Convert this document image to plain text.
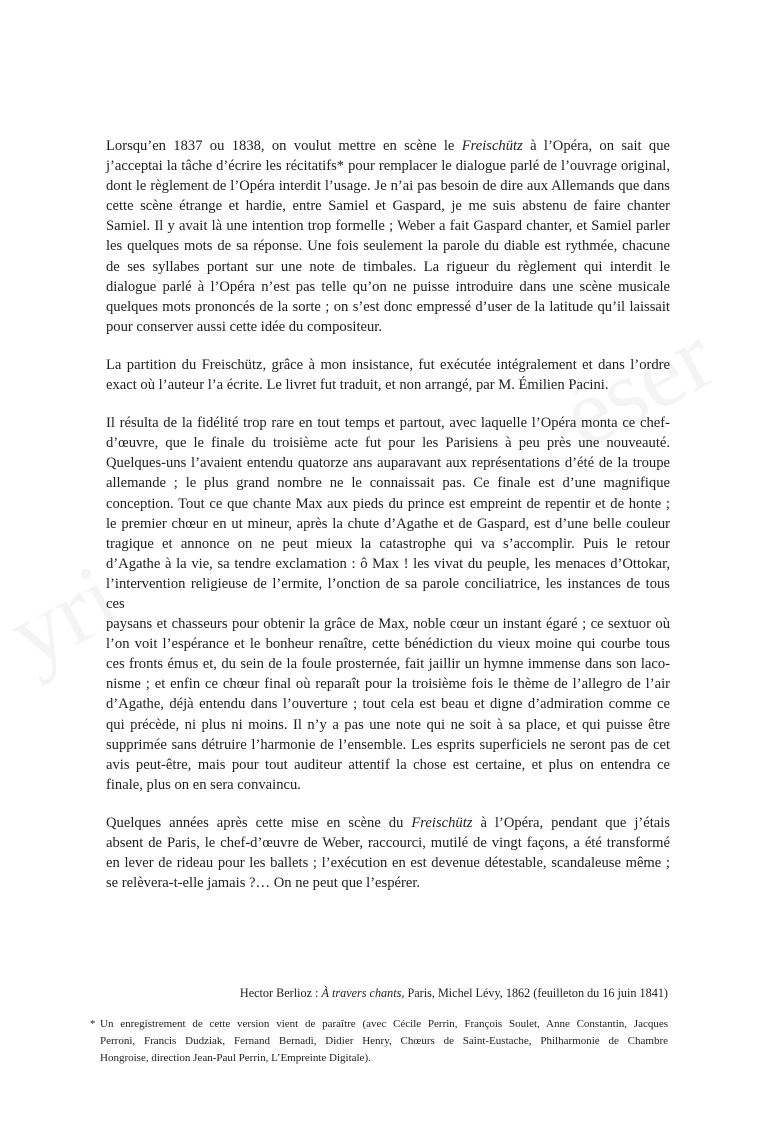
Lorsqu’en 1837 ou 1838, on voulut mettre en scène le Freischütz à l’Opéra, on sait que
j’acceptai la tâche d’écrire les récitatifs* pour remplacer le dialogue parlé de l’ouvrage original,
dont le règlement de l’Opéra interdit l’usage. Je n’ai pas besoin de dire aux Allemands que dans
cette scène étrange et hardie, entre Samiel et Gaspard, je me suis abstenu de faire chanter
Samiel. Il y avait là une intention trop formelle ; Weber a fait Gaspard chanter, et Samiel parler
les quelques mots de sa réponse. Une fois seulement la parole du diable est rythmée, chacune
de ses syllabes portant sur une note de timbales. La rigueur du règlement qui interdit le
dialogue parlé à l’Opéra n’est pas telle qu’on ne puisse introduire dans une scène musicale
quelques mots prononcés de la sorte ; on s’est donc empressé d’user de la latitude qu’il laissait
pour conserver aussi cette idée du compositeur.

La partition du Freischütz, grâce à mon insistance, fut exécutée intégralement et dans l’ordre
exact où l’auteur l’a écrite. Le livret fut traduit, et non arrangé, par M. Émilien Pacini.

Il résulta de la fidélité trop rare en tout temps et partout, avec laquelle l’Opéra monta ce chef-
d’œuvre, que le finale du troisième acte fut pour les Parisiens à peu près une nouveauté.
Quelques-uns l’avaient entendu quatorze ans auparavant aux représentations d’été de la troupe
allemande ; le plus grand nombre ne le connaissait pas. Ce finale est d’une magnifique
conception. Tout ce que chante Max aux pieds du prince est empreint de repentir et de honte ;
le premier chœur en ut mineur, après la chute d’Agathe et de Gaspard, est d’une belle couleur
tragique et annonce on ne peut mieux la catastrophe qui va s’accomplir. Puis le retour
d’Agathe à la vie, sa tendre exclamation : ô Max ! les vivat du peuple, les menaces d’Ottokar,
l’intervention religieuse de l’ermite, l’onction de sa parole conciliatrice, les instances de tous ces
paysans et chasseurs pour obtenir la grâce de Max, noble cœur un instant égaré ; ce sextuor où
l’on voit l’espérance et le bonheur renaître, cette bénédiction du vieux moine qui courbe tous
ces fronts émus et, du sein de la foule prosternée, fait jaillir un hymne immense dans son laco-
nisme ; et enfin ce chœur final où reparaît pour la troisième fois le thème de l’allegro de l’air
d’Agathe, déjà entendu dans l’ouverture ; tout cela est beau et digne d’admiration comme ce
qui précède, ni plus ni moins. Il n’y a pas une note qui ne soit à sa place, et qui puisse être
supprimée sans détruire l’harmonie de l’ensemble. Les esprits superficiels ne seront pas de cet
avis peut-être, mais pour tout auditeur attentif la chose est certaine, et plus on entendra ce
finale, plus on en sera convaincu.

Quelques années après cette mise en scène du Freischütz à l’Opéra, pendant que j’étais
absent de Paris, le chef-d’œuvre de Weber, raccourci, mutilé de vingt façons, a été transformé
en lever de rideau pour les ballets ; l’exécution en est devenue détestable, scandaleuse même ;
se relèvera-t-elle jamais ?… On ne peut que l’espérer.

Hector Berlioz : À travers chants, Paris, Michel Lévy, 1862 (feuilleton du 16 juin 1841)
* Un enregistrement de cette version vient de paraître (avec Cécile Perrin, François Soulet, Anne Constantin, Jacques
Perroni, Francis Dudziak, Fernand Bernadi, Didier Henry, Chœurs de Saint-Eustache, Philharmonie de Chambre
Hongroise, direction Jean-Paul Perrin, L’Empreinte Digitale).
